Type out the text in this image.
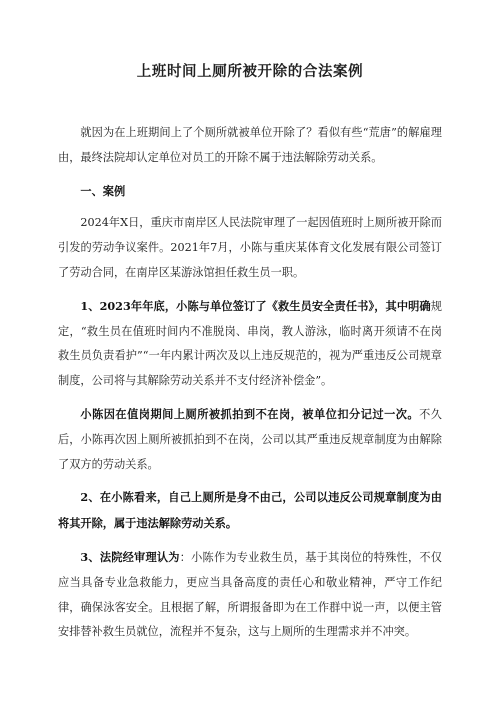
上班时间上厕所被开除的合法案例

就因为在上班期间上了个厕所就被单位开除了？看似有些“荒唐”的解雇理由，最终法院却认定单位对员工的开除不属于违法解除劳动关系。

一、案例

2024年X日，重庆市南岸区人民法院审理了一起因值班时上厕所被开除而引发的劳动争议案件。2021年7月，小陈与重庆某体育文化发展有限公司签订了劳动合同，在南岸区某游泳馆担任救生员一职。

1、2023年年底，小陈与单位签订了《救生员安全责任书》，其中明确规定，“救生员在值班时间内不准脱岗、串岗，教人游泳，临时离开须请不在岗救生员负责看护”“一年内累计两次及以上违反规范的，视为严重违反公司规章制度，公司将与其解除劳动关系并不支付经济补偿金”。

小陈因在值岗期间上厕所被抓拍到不在岗，被单位扣分记过一次。不久后，小陈再次因上厕所被抓拍到不在岗，公司以其严重违反规章制度为由解除了双方的劳动关系。

2、在小陈看来，自己上厕所是身不由己，公司以违反公司规章制度为由将其开除，属于违法解除劳动关系。

3、法院经审理认为：小陈作为专业救生员，基于其岗位的特殊性，不仅应当具备专业急救能力，更应当具备高度的责任心和敬业精神，严守工作纪律，确保泳客安全。且根据了解，所谓报备即为在工作群中说一声，以便主管安排替补救生员就位，流程并不复杂，这与上厕所的生理需求并不冲突。
